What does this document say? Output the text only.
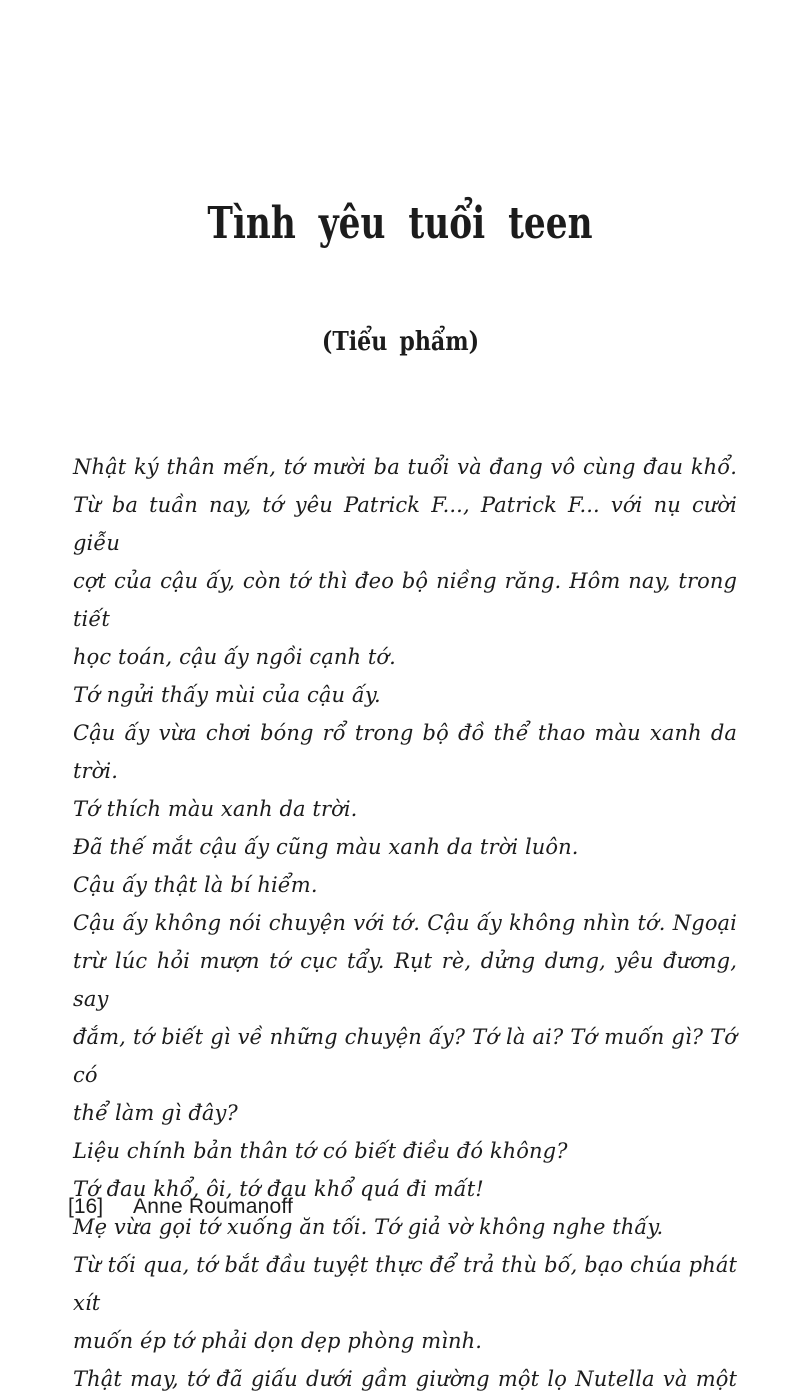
Tình yêu tuổi teen
(Tiểu phẩm)
Nhật ký thân mến, tớ mười ba tuổi và đang vô cùng đau khổ.
Từ ba tuần nay, tớ yêu Patrick F..., Patrick F... với nụ cười giễu
cợt của cậu ấy, còn tớ thì đeo bộ niềng răng. Hôm nay, trong tiết
học toán, cậu ấy ngồi cạnh tớ.
Tớ ngửi thấy mùi của cậu ấy.
Cậu ấy vừa chơi bóng rổ trong bộ đồ thể thao màu xanh da trời.
Tớ thích màu xanh da trời.
Đã thế mắt cậu ấy cũng màu xanh da trời luôn.
Cậu ấy thật là bí hiểm.
Cậu ấy không nói chuyện với tớ. Cậu ấy không nhìn tớ. Ngoại
trừ lúc hỏi mượn tớ cục tẩy. Rụt rè, dửng dưng, yêu đương, say
đắm, tớ biết gì về những chuyện ấy? Tớ là ai? Tớ muốn gì? Tớ có
thể làm gì đây?
Liệu chính bản thân tớ có biết điều đó không?
Tớ đau khổ, ôi, tớ đau khổ quá đi mất!
Mẹ vừa gọi tớ xuống ăn tối. Tớ giả vờ không nghe thấy.
Từ tối qua, tớ bắt đầu tuyệt thực để trả thù bố, bạo chúa phát xít
muốn ép tớ phải dọn dẹp phòng mình.
Thật may, tớ đã giấu dưới gầm giường một lọ Nutella và một
[16] Anne Roumanoff
